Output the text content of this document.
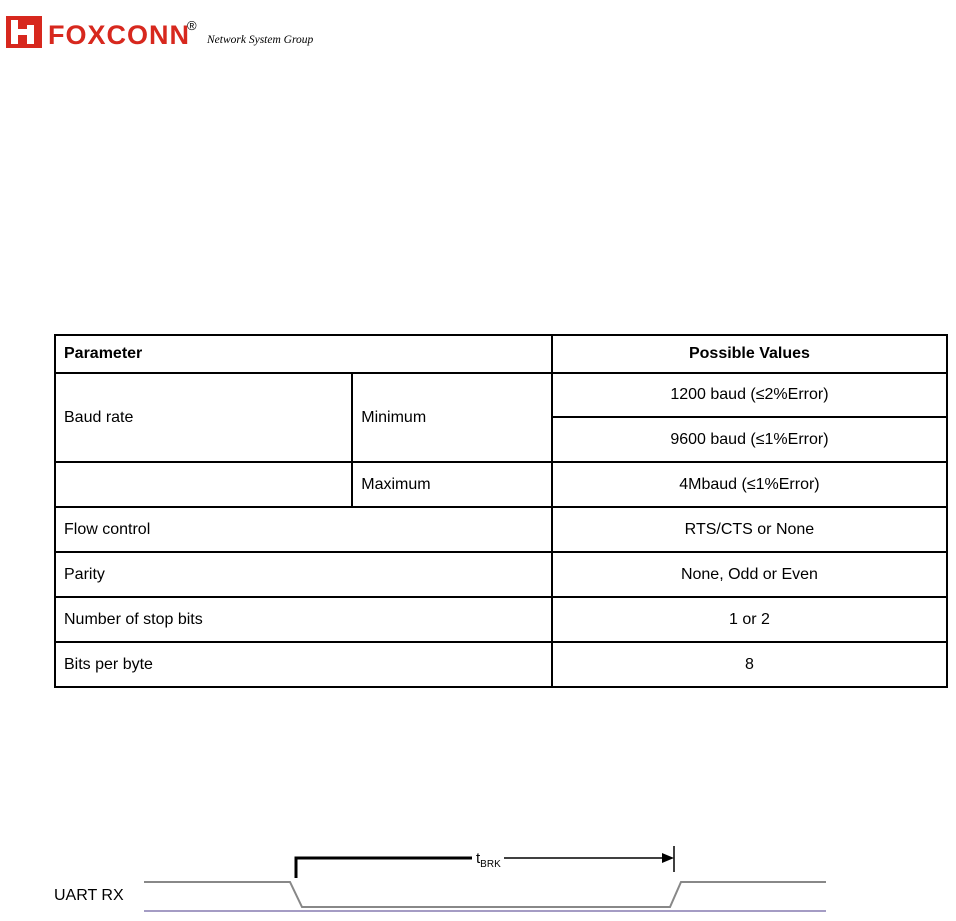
FOXCONN
®
Network System Group
Parameter		Possible Values
Baud rate	Minimum	1200 baud (≤2%Error)
		9600 baud (≤1%Error)
	Maximum	4Mbaud (≤1%Error)
Flow control		RTS/CTS or None
Parity		None, Odd or Even
Number of stop bits		1 or 2
Bits per byte		8
$t_{BRK}$
UART RX
